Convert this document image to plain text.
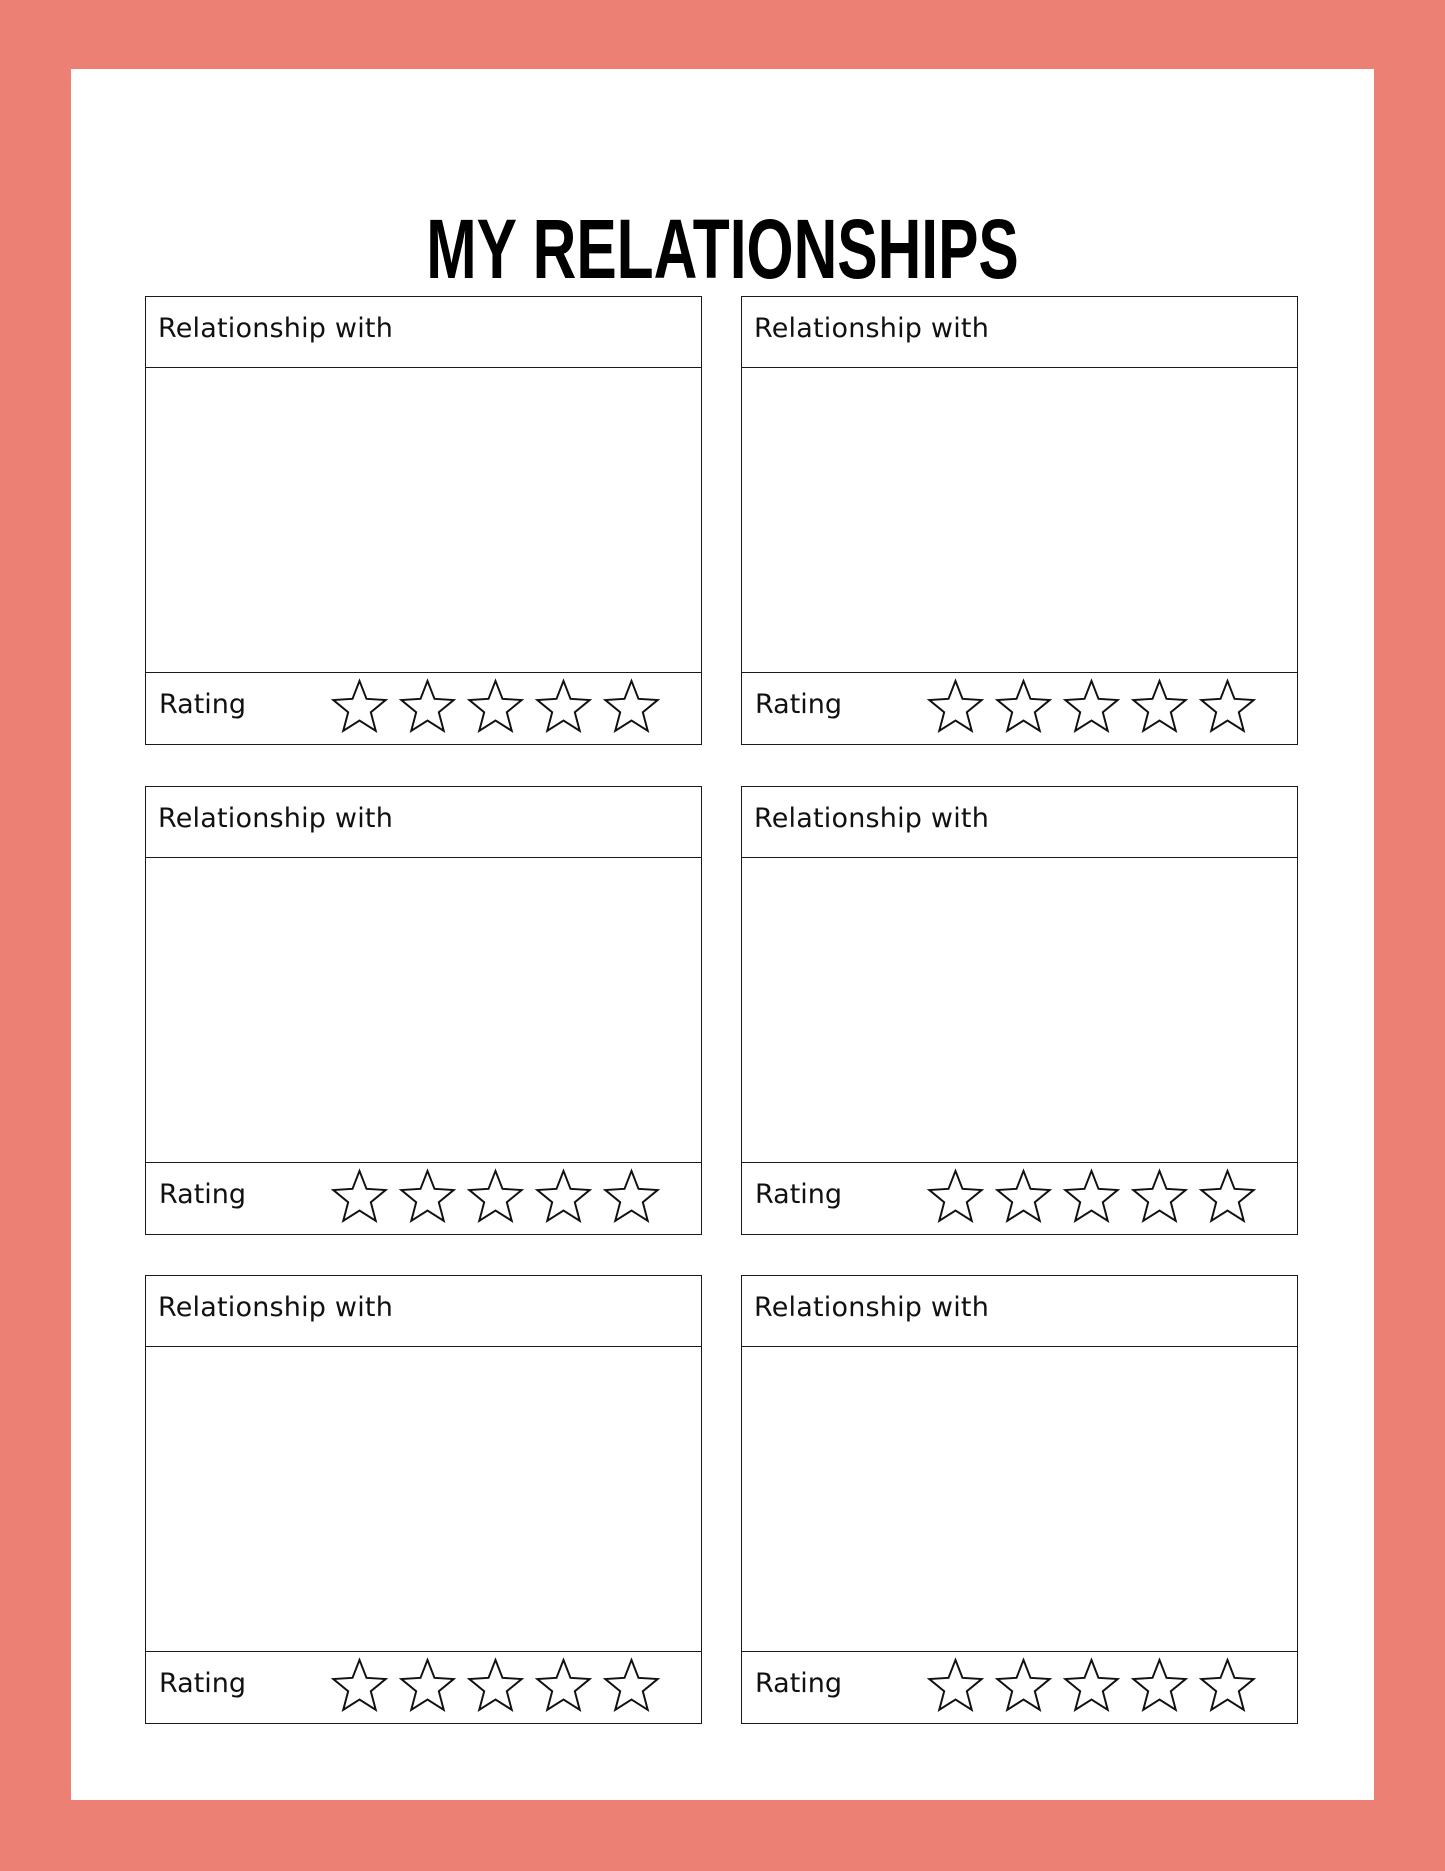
MY RELATIONSHIPS
Relationship with
Rating
Relationship with
Rating
Relationship with
Rating
Relationship with
Rating
Relationship with
Rating
Relationship with
Rating
